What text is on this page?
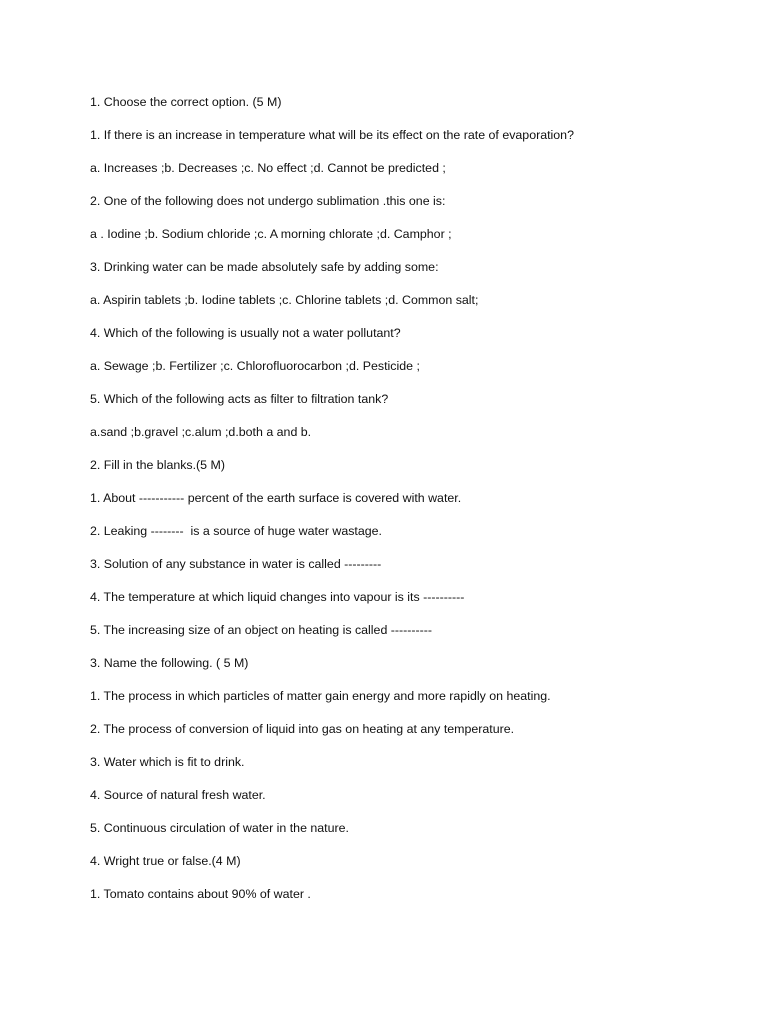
1. Choose the correct option. (5 M)
1. If there is an increase in temperature what will be its effect on the rate of evaporation?
a. Increases ;b. Decreases ;c. No effect ;d. Cannot be predicted ;
2. One of the following does not undergo sublimation .this one is:
a . Iodine ;b. Sodium chloride ;c. A morning chlorate ;d. Camphor ;
3. Drinking water can be made absolutely safe by adding some:
a. Aspirin tablets ;b. Iodine tablets ;c. Chlorine tablets ;d. Common salt;
4. Which of the following is usually not a water pollutant?
a. Sewage ;b. Fertilizer ;c. Chlorofluorocarbon ;d. Pesticide ;
5. Which of the following acts as filter to filtration tank?
a.sand ;b.gravel ;c.alum ;d.both a and b.
2. Fill in the blanks.(5 M)
1. About ----------- percent of the earth surface is covered with water.
2. Leaking --------  is a source of huge water wastage.
3. Solution of any substance in water is called ---------
4. The temperature at which liquid changes into vapour is its ----------
5. The increasing size of an object on heating is called ----------
3. Name the following. ( 5 M)
1. The process in which particles of matter gain energy and more rapidly on heating.
2. The process of conversion of liquid into gas on heating at any temperature.
3. Water which is fit to drink.
4. Source of natural fresh water.
5. Continuous circulation of water in the nature.
4. Wright true or false.(4 M)
1. Tomato contains about 90% of water .
